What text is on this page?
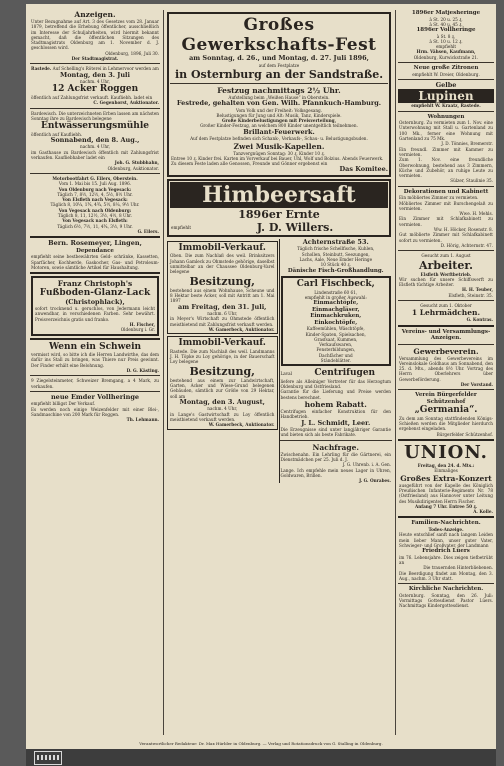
Anzeigen.
Unter Bezugnahme auf Art. 3 des Gesetzes vom 28. Januar 1879, betreffend die Erhebung öffentlicher, ausschließlich im Interesse der Schuljahrheiten, wird hiermit bekannt gemacht, daß die öffentlichen Sitzungen des Stadtmagistrats Oldenburg am 1. November d. J. geschlossen wird.
Oldenburg, 1896, Juli 30.
Der Stadtmagistrat.
Rastede. Auf Schelling's Rötereí in Lehmervoor werden am
Montag, den 3. Juli
nachm. 4 Uhr,
12 Acker Roggen
öffentlich auf Zahlungsfrist verkauft. Kaufliebh. ladet ein
C. Gegenhorst, Auktionator.
Bardewisch. Die unterzeichneten Erben lassen am nächsten Sonntag ihre zu Bardewisch belegene
Entwässerungsmühle
öffentlich auf Kaufliebh.
Sonnabend, den 8. Aug.,
nachm. 4 Uhr,
im Gasthause zu Bardewisch öffentlich mit Zahlungsfrist verkaufen. Kaufliebhaber ladet ein
Joh. G. Stubbhahn,
Oldenburg, Auktionator.
Motorbootfahrt G. Eilers, Oberstein.
Vom 1. Mai bis 15. Juli Aug. 1896.
Von Oldenburg nach Vegesack:
Täglich 7, 8½, 12½, 4, 5½, 8½ Uhr.
Von Elsfleth nach Vegesack:
Täglich 8, 10¼, 1¾, 4¾, 5½, 8¼, 9½ Uhr.
Von Vegesack nach Oldenburg:
Täglich 8, 11, 12½, 3½, 4½, 8 Uhr.
Von Vegesack nach Elsfleth:
Täglich 6½, 7½, 11, 4¾, 3½, 9 Uhr.
G. Eilers.
Bern. Rosemeyer, Lingen,
Dependance
empfiehlt seine bestbewährten Geld- schränke, Kassetten, Sparfächer, Kochherde, Gaskocher, Gas- und Petroleum-Motoren, sowie sämtliche Artikel für Haushaltung.
Franz Christoph's
Fußboden-Glanz-Lack
(Christophlack),
sofort trocknend u. geruchlos, von Jedermann leicht anwendbar, in verschiedenen Farben. Sehr bewährt. Preisverzeichnis gratis und franko.
H. Fischer,
Oldenburg i. Gr.
Wenn ein Schwein
vermisst wird, so bitte ich die Herren Landwirthe, das dem dafür ins Stall zu bringen, was Thiere nur Preis gewinnt. Der Finder erhält eine Belohnung.
D. G. Kästing.
9 Ziegelsteinmeter, Schweizer Bremgang, a 4 Mark, zu verkaufen.
neue Emder Vollheringe
empfiehlt billigst Der Verkauf.
Es werden noch einige Weizenfelder mit einer Blei-, Sandmaschine von 200 Mark für Roggen.
Th. Lehmann.
Großes Gewerkschafts-Fest
am Sonntag, d. 26., und Montag, d. 27. Juli 1896,
auf dem Festplatze
in Osternburg an der Sandstraße.
Festzug nachmittags 2½ Uhr.
Aufstellung beim „Weißen Hause“ in Oberstein.
Festrede, gehalten von Gen. Wilh. Pfannkuch-Hamburg.
Vom Volk und der Freiheit: Volksgesang.
Belustigungen für Jung und Alt: Musik, Tanz, Kinderspiele.
Große Kinderbelustigungen mit Preisverteilung,
Großer Kinder-Festzug, an welchem 800 Kinder unentgeltlich teilnehmen.
Brillant-Feuerwerk.
Auf dem Festplatze befinden sich Schank-, Verkaufs-, Schau- u. Belustigungsbuden.
Zwei Musik-Kapellen.
Tanzvergnügen Sonntag: 30 ₰, Kinder 10 ₰.
Entree 10 ₰. Kinder frei. Karten im Vorverkauf bei Bauer, Uhl, Wolf und Bolzius. Abends Feuerwerk.
Zu diesem Feste laden alle Genossen, Freunde und Gönner ergebenst ein
Das Komitee.
Himbeersaft
1896er Ernte
empfiehlt	J. D. Willers.
Immobil-Verkauf.
Oben. Die zum Nachlaß des weil. Brinksitzers Johann Gamleck zu Ohmstede gehörige, daselbst unmittelbar an der Chaussee Oldenburg-Varel belegene
Besitzung,
bestehend aus einem Wohnhause, Scheune und 8 Hektar beste Äcker, soll mit Antritt am 1. Mai 1897
am Freitag, den 31. Juli,
nachm. 6 Uhr,
in Meyer's Wirtschaft zu Ohmstede öffentlich meistbietend mit Zahlungsfrist verkauft werden.
W. Gamerbeck, Auktionator.
Immobil-Verkauf.
Rastede. Die zum Nachlaß des weil. Landmanns J. H. Töpke zu Loy gehörige, in der Bauerschaft Loy belegene
Besitzung,
bestehend aus einem zur Landwirtschaft, Garten, Acker und Wiese-Grund belegenen Gebäuden, sämtlich zur Größe von 29 Hektar, soll am
Montag, den 3. August,
nachm. 4 Uhr,
in Lange's Gastwirtschaft zu Loy öffentlich meistbietend verkauft werden.
W. Gamerbeck, Auktionator.
Achternstraße 53.
Täglich frische Schellfische, Kuhlen,
Schollen, Steinbutt, Seezungen,
Lachs, Aale, Neue Emder Heringe
10 Stück 40 ₰.
Dänische Fisch-Großhandlung.
Carl Fischbeck,
Lindenstraße 60 61,
empfiehlt in großer Auswahl:
Einmachtöpfe,
Einmachgläser,
Einmachkruken,
Einkochtöpfe,
Kaffeemühlen, Wäschtöpfe,
Kinder-Spaten, Spielsachen,
Grasfsaat, Kummen,
Verkaufswaren,
Fensterbildungen,
Dachfächer und
Ständeblätter.
Laval	Centrifugen
liefere als Alleiniger Vertreter für das Herzogtum Oldenburg und Ostfriesland.
Garantie für die Lieferung und Preise werden bestens berechnet.
hohem Rabatt.
Centrifugen einfacher Konstruktion für den Handbetrieb.
J. L. Schmidt, Leer.
Die Erzeugnisse sind unter langjähriger Garantie und bieten sich als beste Fabrikate.
Nachfrage.
Zwischenahn. Ein Lehrling für die Gärtnerei, ein Dienstmädchen per 25. Juli d. J.
J. G. Uhrenb. i. A. Gen.
Lange. Ich empfehle mein neues Lager in Uhren, Goldwaren, Brillen.
J. G. Onrabes.
1896er Matjesheringe
à St. 20 u. 25 ₰,
à St. 40 u. 45 ₰.
1896er Vollheringe
à St. 8 ₰,
à St. 10 u. 12 ₰.
empfiehlt
Hrm. Vähsen, Kaufmann,
Oldenburg, Kurwickstraße 21.
Neue große Zitronen
empfiehlt W. Dreier, Oldenburg.
Gelbe
Lupinen
empfiehlt W. Kraatz, Rastede.
Wohnungen
Osternburg. Zu vermieten zum 1. Nov. eine Unterwohnung mit Stall u. Gartenland zu 100 Mk., ferner eine Wohnung mit Gartenland zu 75 Mk.
J. D. Tönnies, Bremerstr.
Ein freundl. Zimmer mit Kammer zu vermieten.
Zum 1. Nov. eine freundliche Oberwohnung, bestehend aus 3 Zimmern, Küche und Zubehör, an ruhige Leute zu vermieten.
Sülzer, Staulinie 35.
Dekorationen und Kabinett
Ein möbliertes Zimmer zu vermieten.
Möbliertes Zimmer mit Burschengelaß zu vermieten.
Wwe. H. Mehls.
Ein Zimmer mit Schlafkabinett zu vermieten.
Ww. H. Höcker, Rosenstr. 8.
Gut möblierte Zimmer mit Schlafkabinett sofort zu vermieten.
D. Hörig, Achternstr. 47.
Gesucht zum 1. August
Arbeiter.
Elsfleth Werftbetrieb.
Wir suchen für unsere Schiffswerft zu Elsfleth tüchtige Arbeiter.
H. H. Teuber,
Elsfleth, Steinstr. 35.
Gesucht zum 1. Oktober
1 Lehrmädchen.
G. Kontras.
Vereins- und Versammlungs-Anzeigen.
Gewerbeverein.
Versammlung des Gewerbevereins im Vereinslokale Goldhaus am Sonnabend, den 25. d. Mts., abends 8½ Uhr. Vortrag des Herrn Oberlehrers über Gewerbeförderung.
Der Vorstand.
Verein Bürgerfelder Schützenhof
„Germania“.
Zu dem am Sonntag stattfindenden Königs-Schießen werden die Mitglieder hierdurch ergebenst eingeladen.
Bürgerfelder Schützenhof.
UNION.
Freitag, den 24. d. Mts.:
Einmaliges
Großes Extra-Konzert
ausgeführt von der Kapelle des Königlich Preußischen Infanterie-Regiments Nr. 78 (Ostfriesland) aus Hannover unter Leitung des Musikdirigenten Herrn Fischer.
Anfang 7 Uhr. Entree 50 ₰.
A. Kolle.
Familien-Nachrichten.
Todes-Anzeige.
Heute entschlief sanft nach langem Leiden mein lieber Mann, unser guter Vater, Schwieger- und Großvater, der Landmann
Friedrich Lüers
im 76. Lebensjahre. Dies zeigen tiefbetrübt an
Die trauernden Hinterbliebenen.
Die Beerdigung findet am Montag, den 3. Aug., nachm. 3 Uhr statt.
Kirchliche Nachrichten.
Osternburg. Sonntag, den 26. Juli: Vormittags Gottesdienst Pastor Lüers. Nachmittags Kindergottesdienst.
Verantwortlicher Redakteur: Dr. Max Hürbler in Oldenburg. — Verlag und Rotationsdruck von G. Stalling in Oldenburg.
